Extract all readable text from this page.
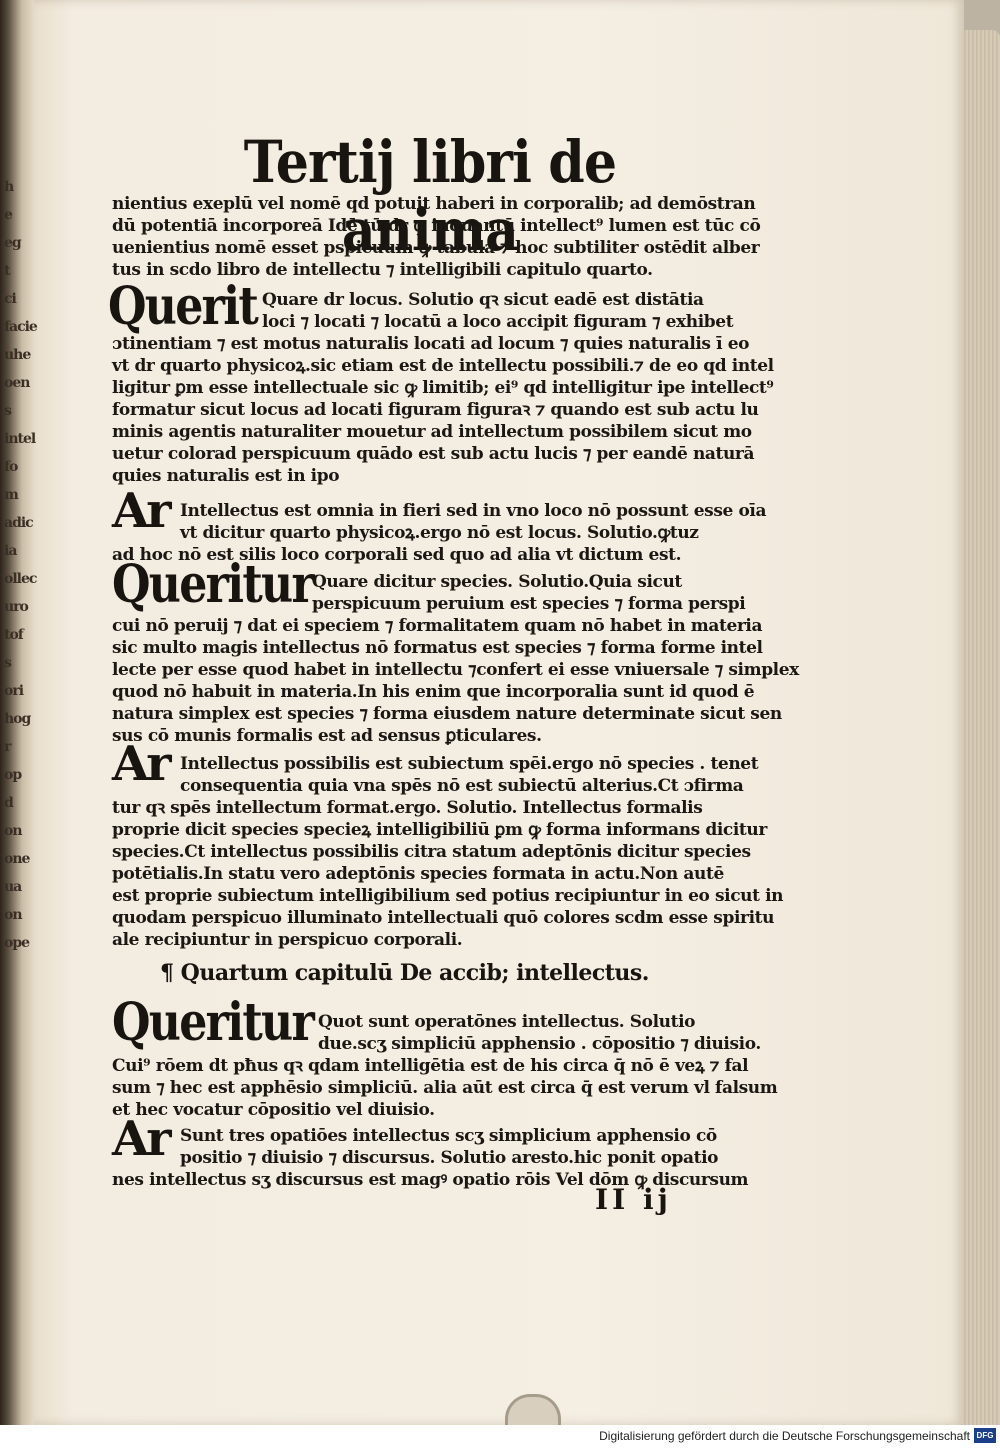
h
e
eg
t
ci
facie
uhe
oen
s
intel
fo
m
adic
ia
ollec
uro
tof
s
ori
hog
r
op
d
on
one
ua
on
ope
Tertij libri de anima
nientius exeplū vel nomē qd potuit haberi in corporalib; ad demōstran
dū potentiā incorporeā Idē tū dr ꝙ inquantū intellect⁹ lumen est tūc cō
uenientius nomē esset pspicuum ꝙ tabula ⁊ hoc subtiliter ostēdit alber
tus in scdo libro de intellectu ⁊ intelligibili capitulo quarto.
Querit Quare dr locus. Solutio qꝛ sicut eadē est distātia
loci ⁊ locati ⁊ locatū a loco accipit figuram ⁊ exhibet
ɔtinentiam ⁊ est motus naturalis locati ad locum ⁊ quies naturalis ī eo
vt dr quarto physicoꝝ.sic etiam est de intellectu possibili.⁊ de eo qd intel
ligitur ꝑm esse intellectuale sic ꝙ limitib; ei⁹ qd intelligitur ipe intellect⁹
formatur sicut locus ad locati figuram figuraꝛ ⁊ quando est sub actu lu
minis agentis naturaliter mouetur ad intellectum possibilem sicut mo
uetur colorad perspicuum quādo est sub actu lucis ⁊ per eandē naturā
quies naturalis est in ipo
Ar Intellectus est omnia in fieri sed in vno loco nō possunt esse oīa
vt dicitur quarto physicoꝝ.ergo nō est locus. Solutio.ꝙtuz
ad hoc nō est silis loco corporali sed quo ad alia vt dictum est.
Queritur
Quare dicitur species. Solutio.Quia sicut
perspicuum peruium est species ⁊ forma perspi
cui nō peruij ⁊ dat ei speciem ⁊ formalitatem quam nō habet in materia
sic multo magis intellectus nō formatus est species ⁊ forma forme intel
lecte per esse quod habet in intellectu ⁊confert ei esse vniuersale ⁊ simplex
quod nō habuit in materia.In his enim que incorporalia sunt id quod ē
natura simplex est species ⁊ forma eiusdem nature determinate sicut sen
sus cō munis formalis est ad sensus ꝑticulares.
Ar Intellectus possibilis est subiectum spēi.ergo nō species . tenet
consequentia quia vna spēs nō est subiectū alterius.Ct ɔfirma
tur qꝛ spēs intellectum format.ergo. Solutio. Intellectus formalis
proprie dicit species specieꝝ intelligibiliū ꝑm ꝙ forma informans dicitur
species.Ct intellectus possibilis citra statum adeptōnis dicitur species
potētialis.In statu vero adeptōnis species formata in actu.Non autē
est proprie subiectum intelligibilium sed potius recipiuntur in eo sicut in
quodam perspicuo illuminato intellectuali quō colores scdm esse spiritu
ale recipiuntur in perspicuo corporali.
Queritur Quot sunt operatōnes intellectus. Solutio
due.scʒ simpliciū apphensio . cōpositio ⁊ diuisio.
Cui⁹ rōem dt pħus qꝛ qdam intelligētia est de his circa q̄ nō ē veꝝ ⁊ fal
sum ⁊ hec est apphēsio simpliciū. alia aūt est circa q̄ est verum vl falsum
et hec vocatur cōpositio vel diuisio.
Ar Sunt tres opatiōes intellectus scʒ simplicium apphensio cō
positio ⁊ diuisio ⁊ discursus. Solutio aresto.hic ponit opatio
nes intellectus sʒ discursus est magꝰ opatio rōis Vel dōm ꝙ discursum
¶ Quartum capitulū De accib; intellectus.
II ij
Digitalisierung gefördert durch die Deutsche Forschungsgemeinschaft DFG
